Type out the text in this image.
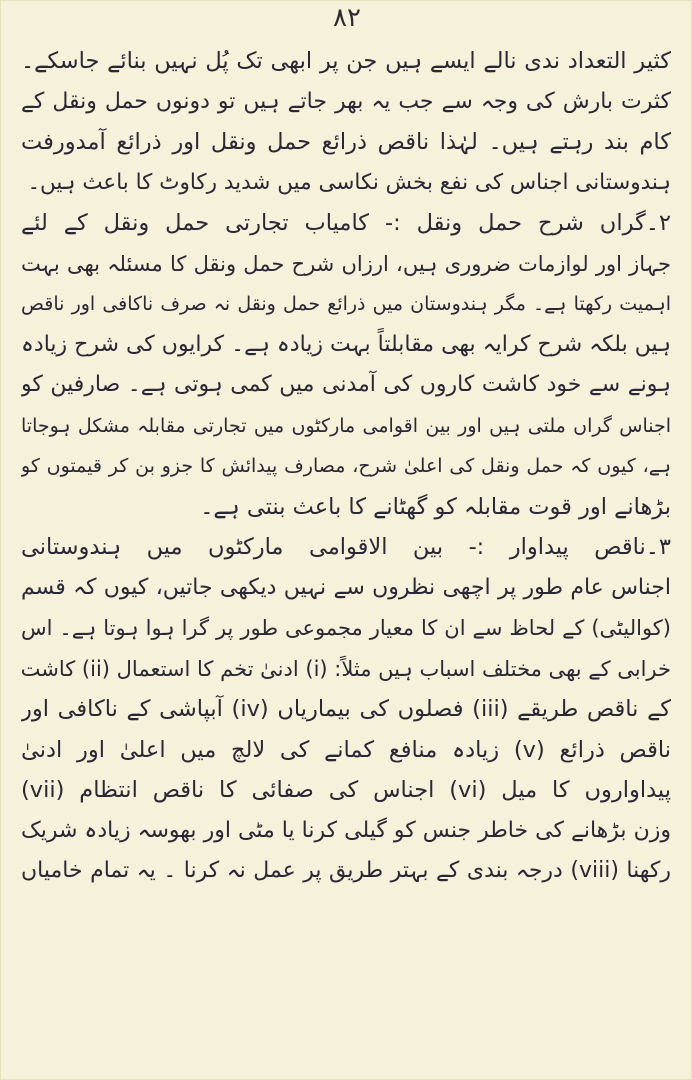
۸۲
کثیر التعداد ندی نالے ایسے ہیں جن پر ابھی تک پُل نہیں بنائے جاسکے۔
کثرت بارش کی وجہ سے جب یہ بھر جاتے ہیں تو دونوں حمل ونقل کے
کام بند رہتے ہیں۔ لہٰذا ناقص ذرائع حمل ونقل اور ذرائع آمدورفت
ہندوستانی اجناس کی نفع بخش نکاسی میں شدید رکاوٹ کا باعث ہیں۔
۲۔گراں شرح حمل ونقل :- کامیاب تجارتی حمل ونقل کے لئے
جہاز اور لوازمات ضروری ہیں، ارزاں شرح حمل ونقل کا مسئلہ بھی بہت
اہمیت رکھتا ہے۔ مگر ہندوستان میں ذرائع حمل ونقل نہ صرف ناکافی اور ناقص
ہیں بلکہ شرح کرایہ بھی مقابلتاً بہت زیادہ ہے۔ کرایوں کی شرح زیادہ
ہونے سے خود کاشت کاروں کی آمدنی میں کمی ہوتی ہے۔ صارفین کو
اجناس گراں ملتی ہیں اور بین اقوامی مارکٹوں میں تجارتی مقابلہ مشکل ہوجاتا
ہے، کیوں کہ حمل ونقل کی اعلیٰ شرح، مصارف پیدائش کا جزو بن کر قیمتوں کو
بڑھانے اور قوت مقابلہ کو گھٹانے کا باعث بنتی ہے۔
۳۔ناقص پیداوار :- بین الاقوامی مارکٹوں میں ہندوستانی
اجناس عام طور پر اچھی نظروں سے نہیں دیکھی جاتیں، کیوں کہ قسم
(کوالیٹی) کے لحاظ سے ان کا معیار مجموعی طور پر گرا ہوا ہوتا ہے۔ اس
خرابی کے بھی مختلف اسباب ہیں مثلاً: (i) ادنیٰ تخم کا استعمال (ii) کاشت
کے ناقص طریقے (iii) فصلوں کی بیماریاں (iv) آبپاشی کے ناکافی اور
ناقص ذرائع (v) زیادہ منافع کمانے کی لالچ میں اعلیٰ اور ادنیٰ
پیداواروں کا میل (vi) اجناس کی صفائی کا ناقص انتظام (vii)
وزن بڑھانے کی خاطر جنس کو گیلی کرنا یا مٹی اور بھوسہ زیادہ شریک
رکھنا (viii) درجہ بندی کے بہتر طریق پر عمل نہ کرنا ۔ یہ تمام خامیاں
